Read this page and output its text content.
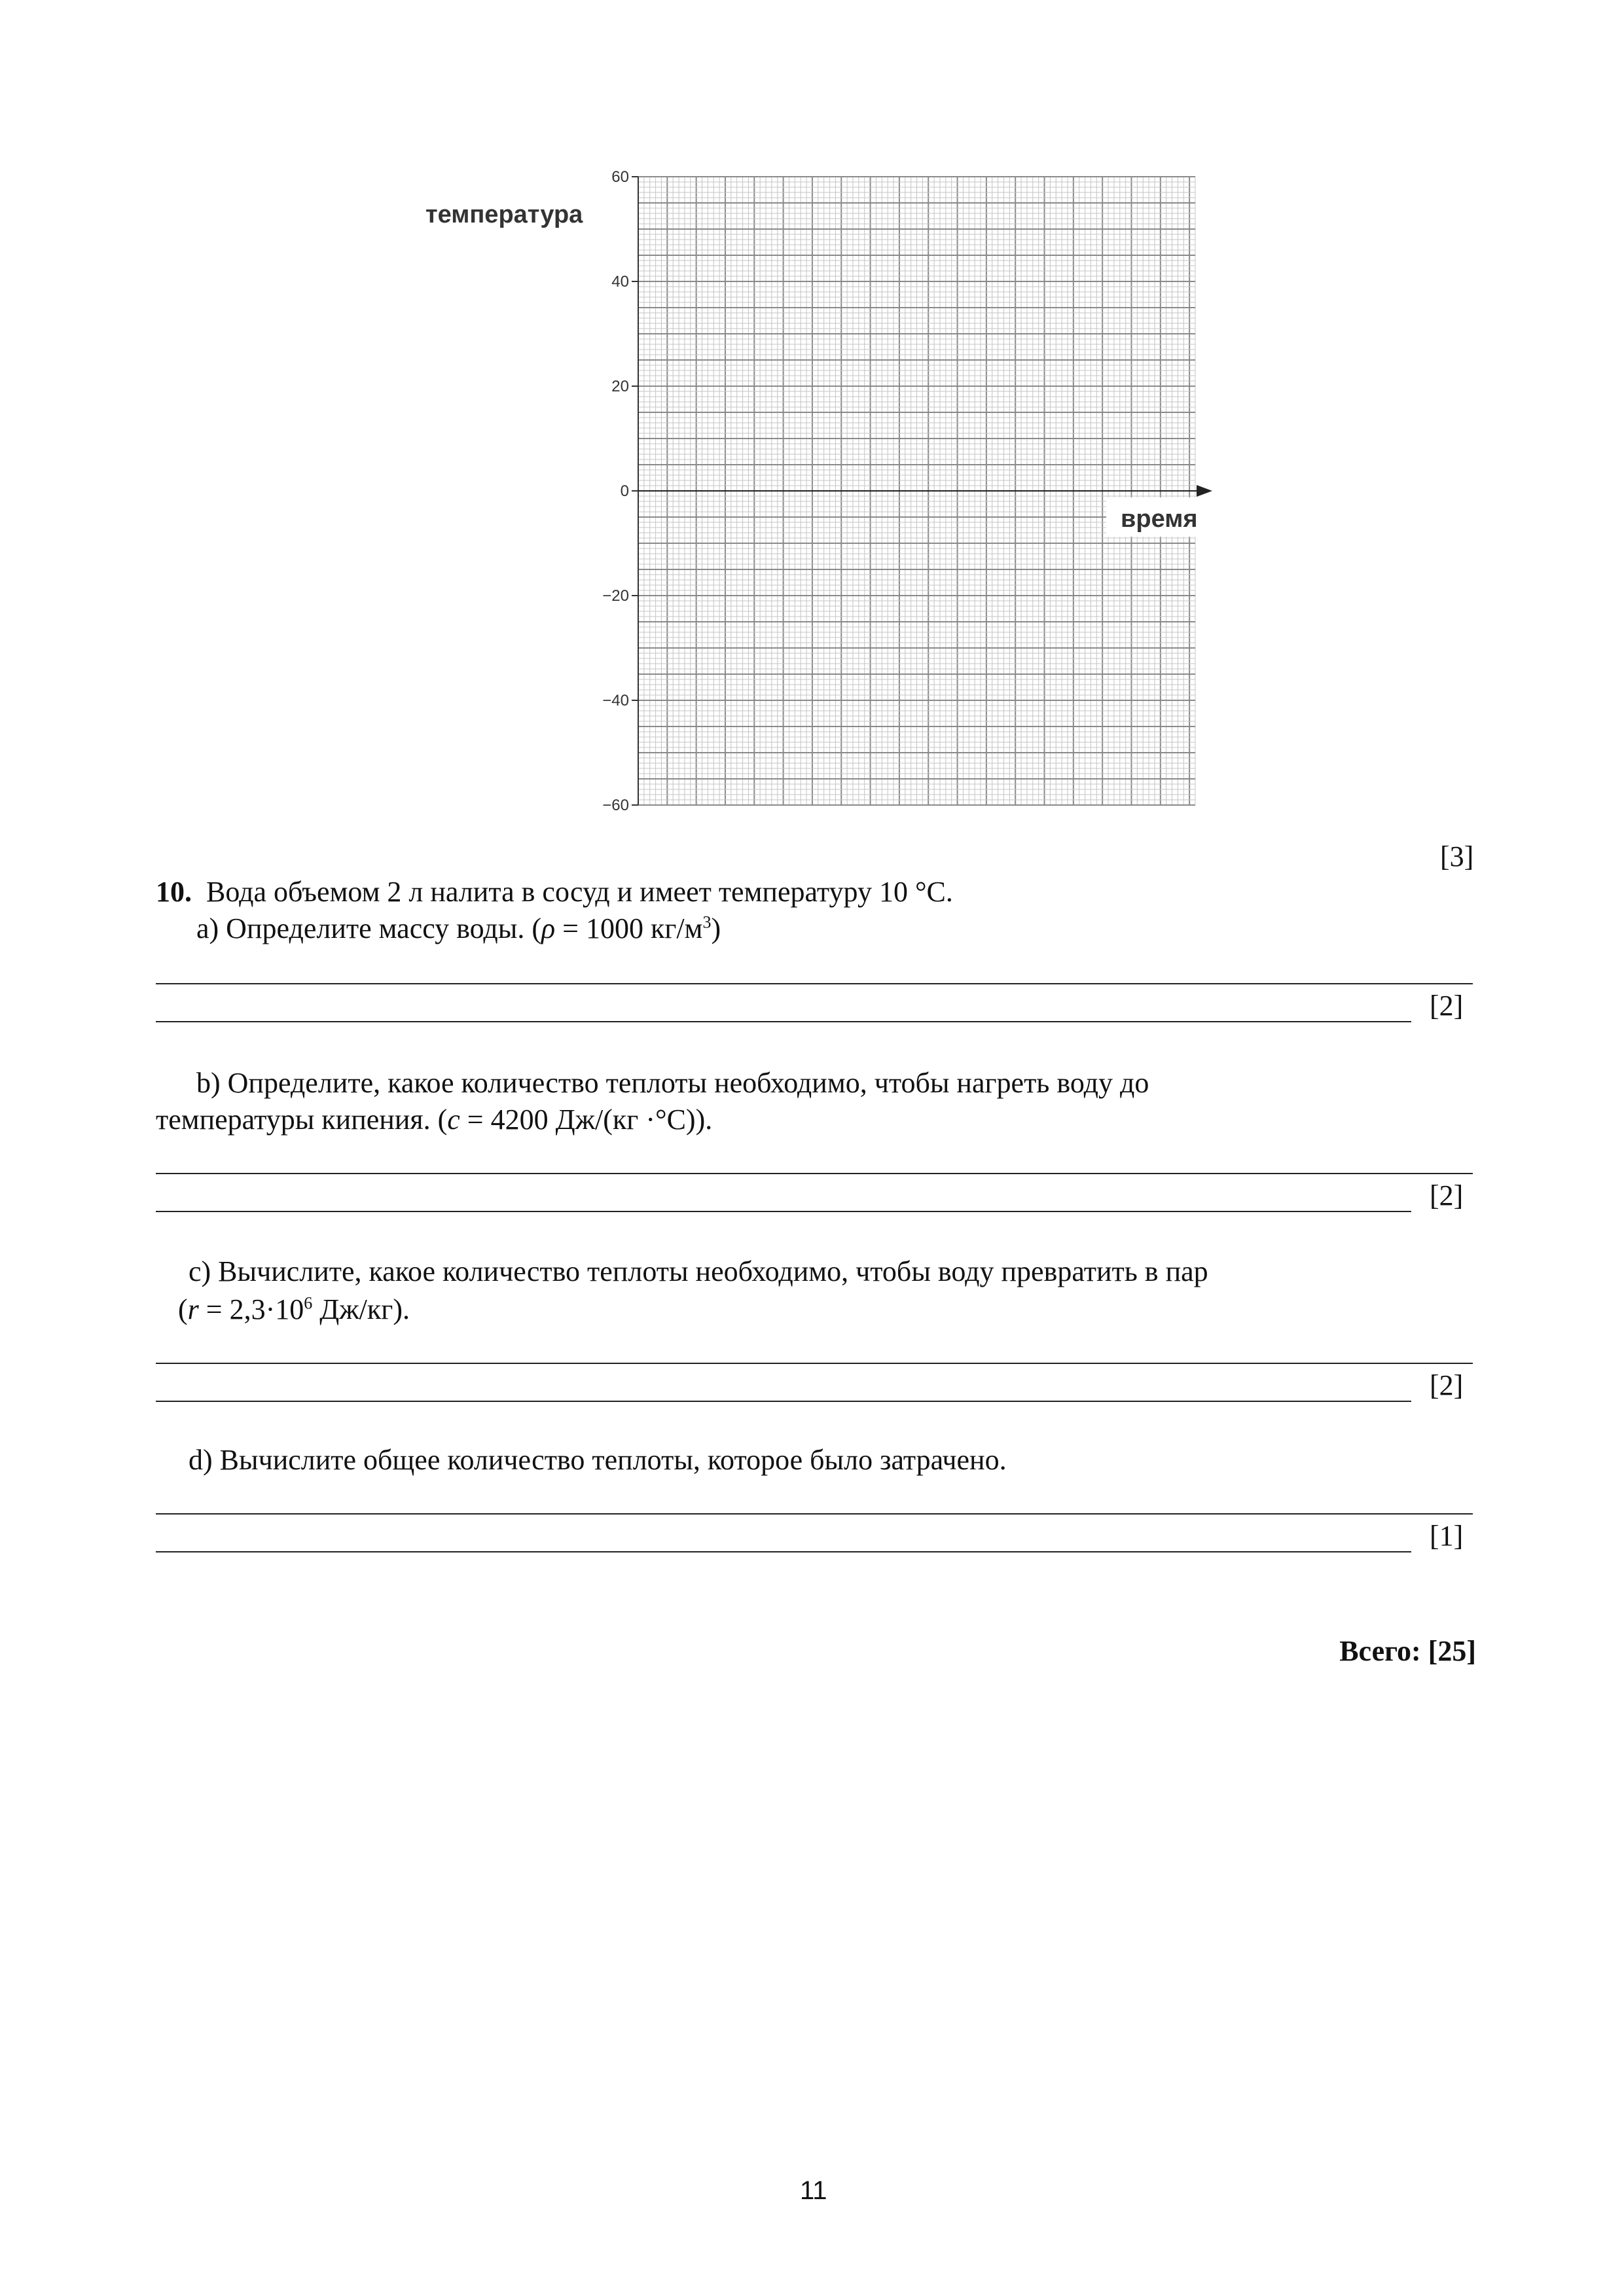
60
40
20
0
−20
−40
−60
температура
время
[3]
10. Вода объемом 2 л налита в сосуд и имеет температуру 10 °C.
a) Определите массу воды. (ρ = 1000 $кг/м^3$)
[2]
b) Определите, какое количество теплоты необходимо, чтобы нагреть воду до
температуры кипения. (c = 4200 Дж/(кг ·°C)).
[2]
c) Вычислите, какое количество теплоты необходимо, чтобы воду превратить в пар
($r = 2,3\cdot 10^6$ Дж/кг).
[2]
d) Вычислите общее количество теплоты, которое было затрачено.
[1]
Всего: [25]
11
